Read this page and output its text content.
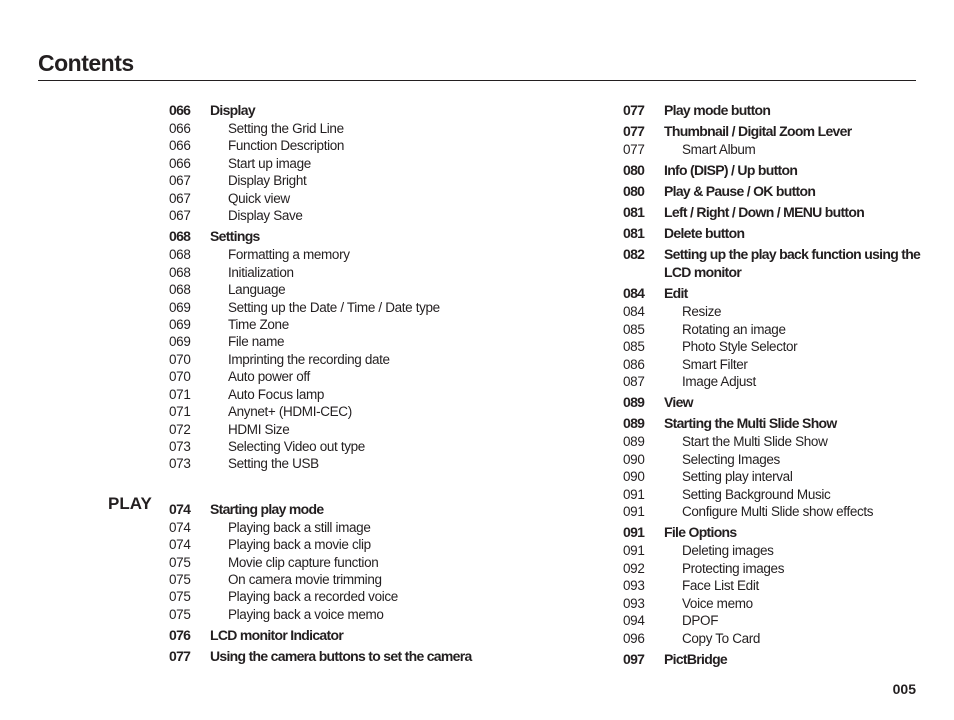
Contents
PLAY
066 Display
066	Setting the Grid Line
066	Function Description
066	Start up image
067	Display Bright
067	Quick view
067	Display Save
068 Settings
068	Formatting a memory
068	Initialization
068	Language
069	Setting up the Date / Time / Date type
069	Time Zone
069	File name
070	Imprinting the recording date
070	Auto power off
071	Auto Focus lamp
071	Anynet+ (HDMI-CEC)
072	HDMI Size
073	Selecting Video out type
073	Setting the USB
074 Starting play mode
074	Playing back a still image
074	Playing back a movie clip
075	Movie clip capture function
075	On camera movie trimming
075	Playing back a recorded voice
075	Playing back a voice memo
076 LCD monitor Indicator
077 Using the camera buttons to set the camera
077 Play mode button
077 Thumbnail / Digital Zoom Lever
077	Smart Album
080 Info (DISP) / Up button
080 Play & Pause / OK button
081 Left / Right / Down / MENU button
081 Delete button
082 Setting up the play back function using the LCD monitor
084 Edit
084	Resize
085	Rotating an image
085	Photo Style Selector
086	Smart Filter
087	Image Adjust
089 View
089 Starting the Multi Slide Show
089	Start the Multi Slide Show
090	Selecting Images
090	Setting play interval
091	Setting Background Music
091	Configure Multi Slide show effects
091 File Options
091	Deleting images
092	Protecting images
093	Face List Edit
093	Voice memo
094	DPOF
096	Copy To Card
097 PictBridge
005
